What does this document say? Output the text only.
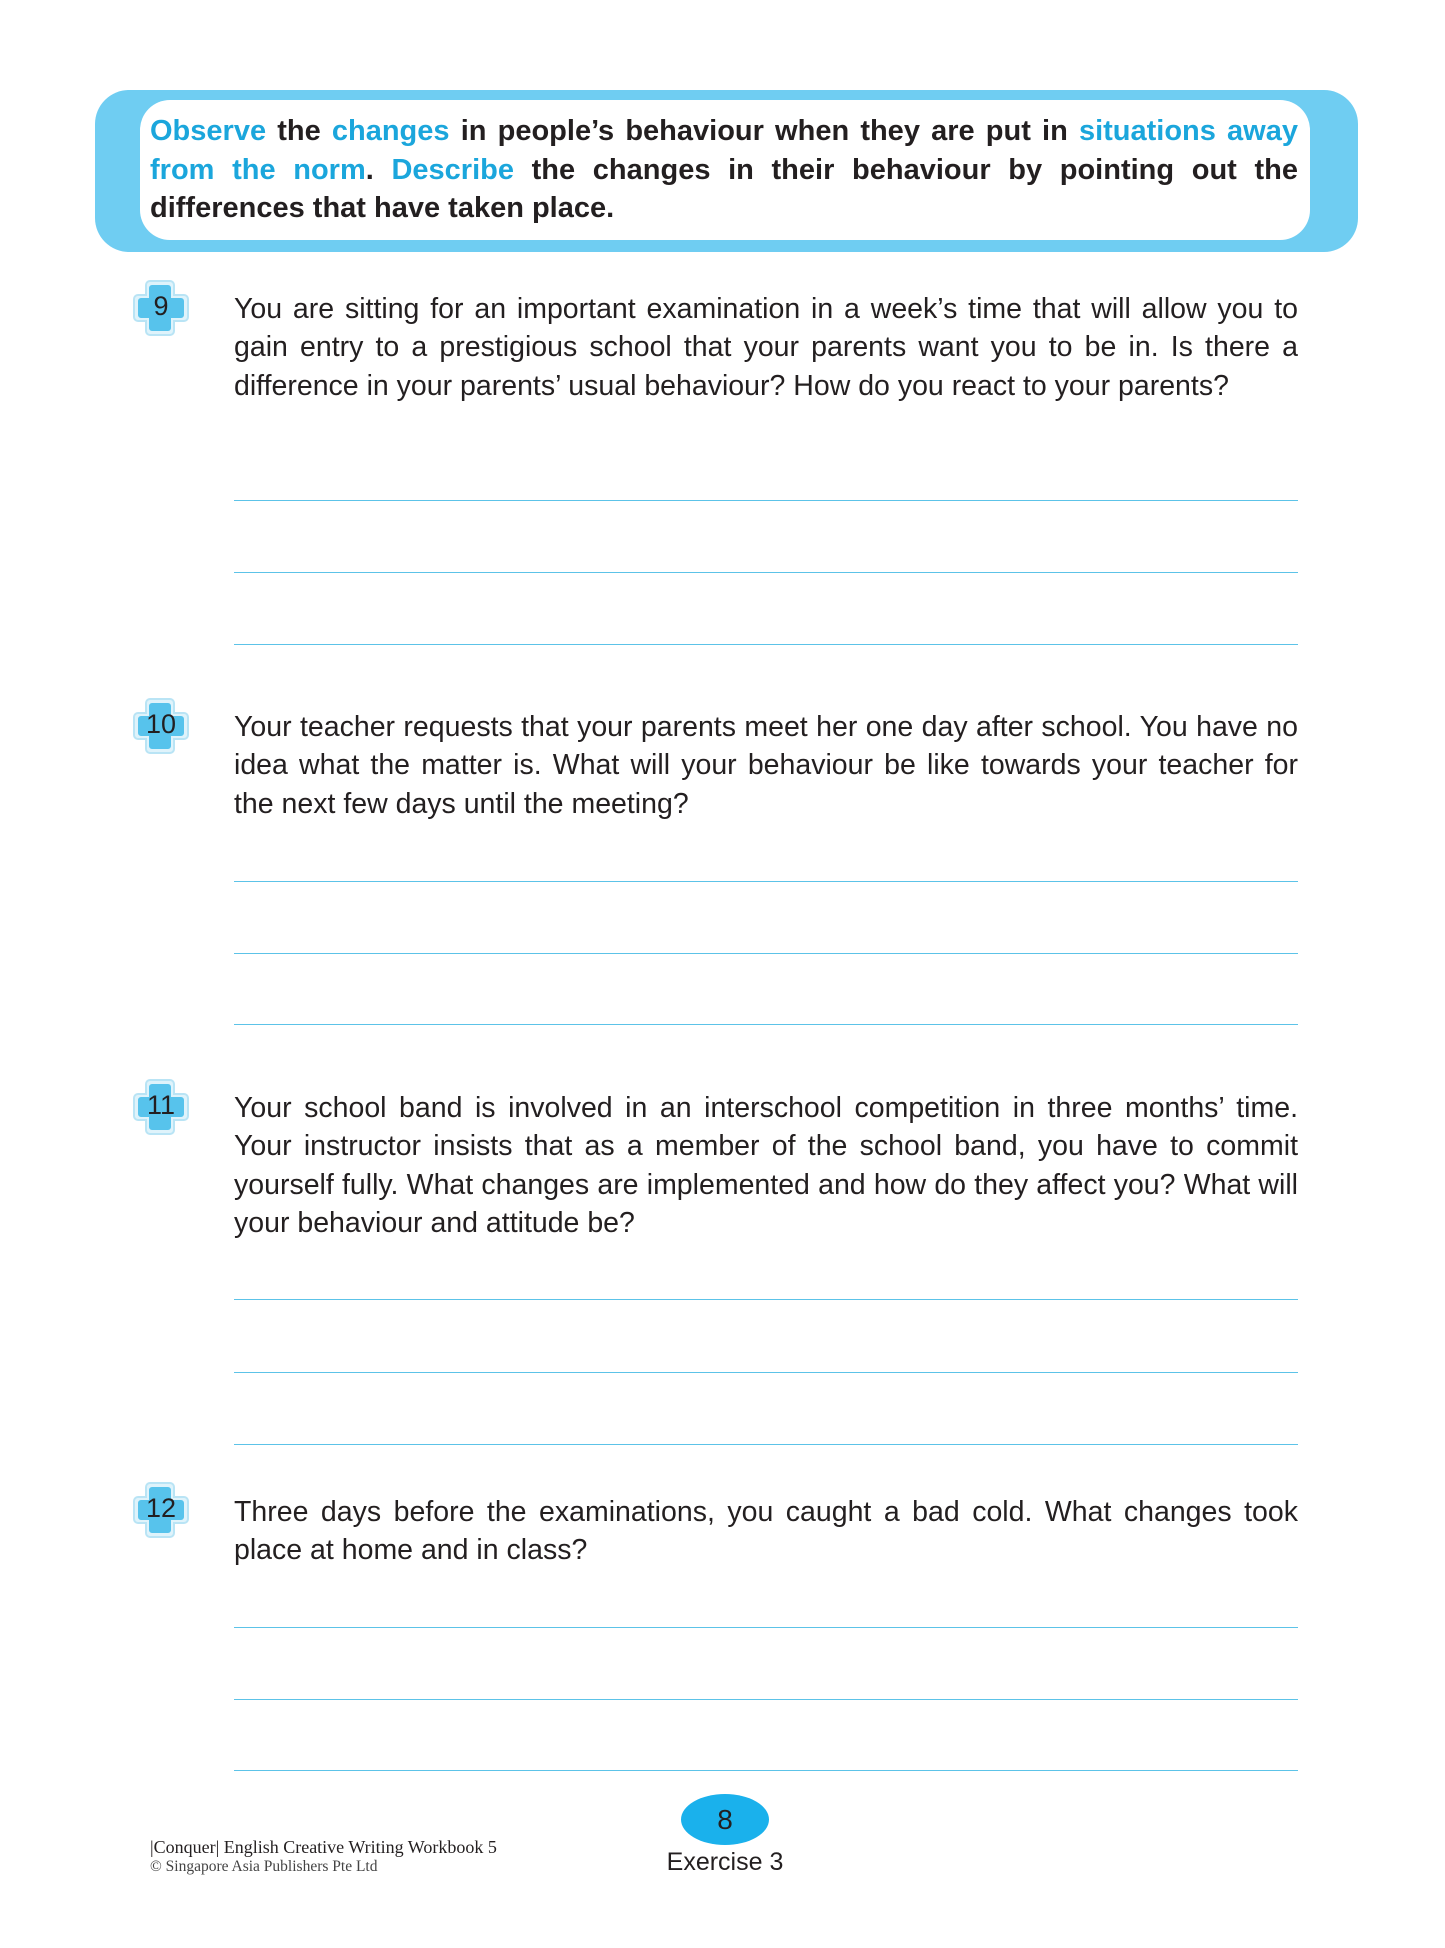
Observe the changes in people’s behaviour when they are put in situations away from the norm. Describe the changes in their behaviour by pointing out the differences that have taken place.
9	You are sitting for an important examination in a week’s time that will allow you to gain entry to a prestigious school that your parents want you to be in. Is there a difference in your parents’ usual behaviour? How do you react to your parents?
10	Your teacher requests that your parents meet her one day after school. You have no idea what the matter is. What will your behaviour be like towards your teacher for the next few days until the meeting?
11	Your school band is involved in an interschool competition in three months’ time. Your instructor insists that as a member of the school band, you have to commit yourself fully. What changes are implemented and how do they affect you? What will your behaviour and attitude be?
12	Three days before the examinations, you caught a bad cold. What changes took place at home and in class?
8
Exercise 3
|Conquer| English Creative Writing Workbook 5
© Singapore Asia Publishers Pte Ltd
